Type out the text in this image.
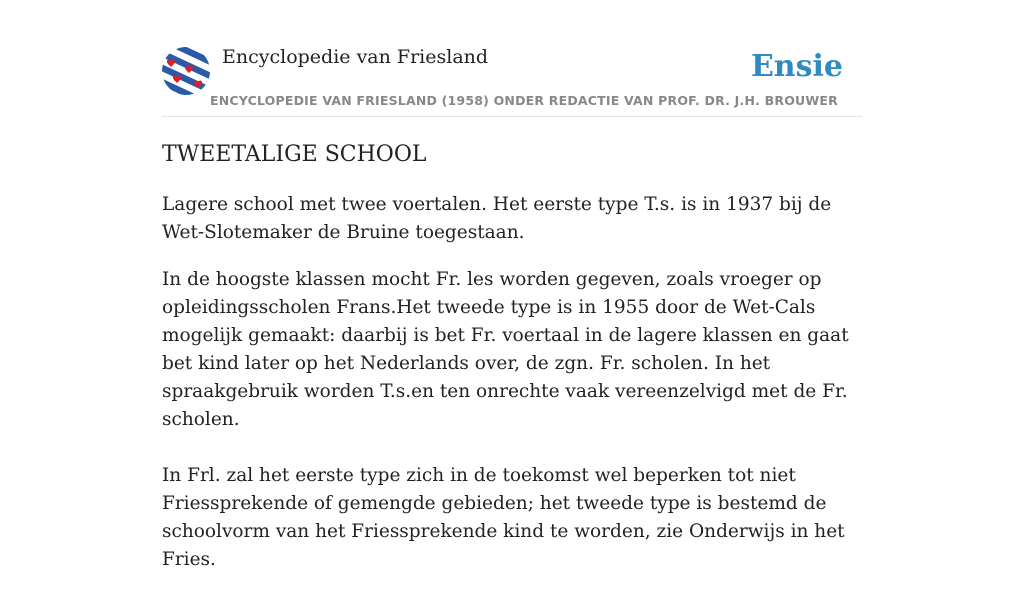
Encyclopedie van Friesland
ENCYCLOPEDIE VAN FRIESLAND (1958) ONDER REDACTIE VAN PROF. DR. J.H. BROUWER
Ensie
TWEETALIGE SCHOOL

Lagere school met twee voertalen. Het eerste type T.s. is in 1937 bij de Wet-Slotemaker de Bruine toegestaan.

In de hoogste klassen mocht Fr. les worden gegeven, zoals vroeger op opleidingsscholen Frans.Het tweede type is in 1955 door de Wet-Cals mogelijk gemaakt: daarbij is bet Fr. voertaal in de lagere klassen en gaat bet kind later op het Nederlands over, de zgn. Fr. scholen. In het spraakgebruik worden T.s.en ten onrechte vaak vereenzelvigd met de Fr. scholen.

In Frl. zal het eerste type zich in de toekomst wel beperken tot niet Friessprekende of gemengde gebieden; het tweede type is bestemd de schoolvorm van het Friessprekende kind te worden, zie Onderwijs in het Fries.
